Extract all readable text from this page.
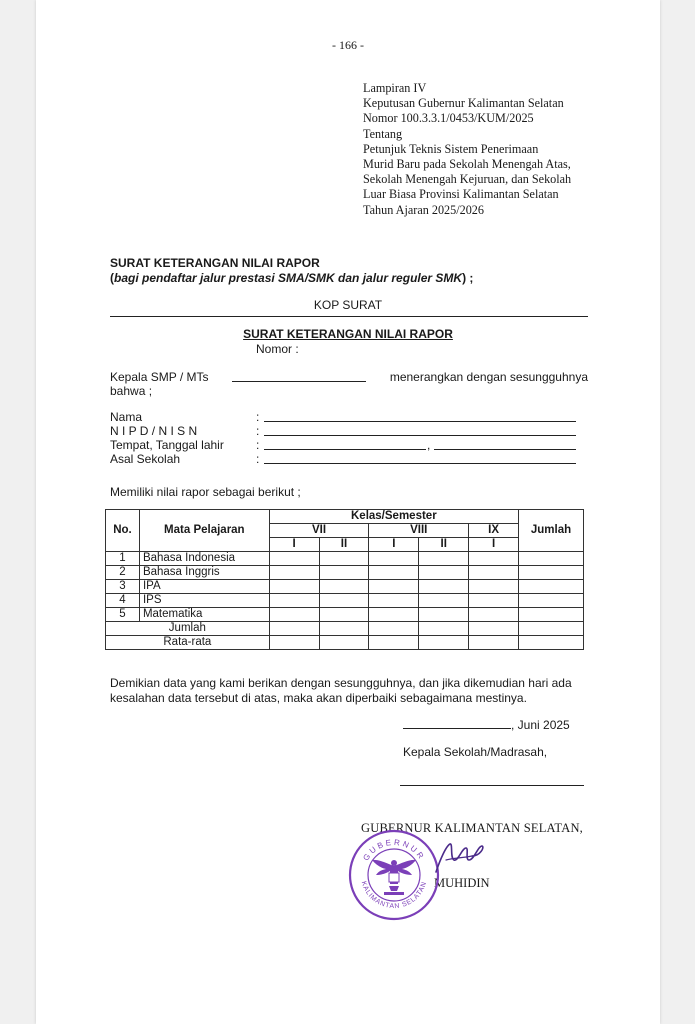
- 166 -
Lampiran IV
Keputusan Gubernur Kalimantan Selatan
Nomor 100.3.3.1/0453/KUM/2025
Tentang
Petunjuk Teknis Sistem Penerimaan
Murid Baru pada Sekolah Menengah Atas,
Sekolah Menengah Kejuruan, dan Sekolah
Luar Biasa Provinsi Kalimantan Selatan
Tahun Ajaran 2025/2026
SURAT KETERANGAN NILAI RAPOR
(bagi pendaftar jalur prestasi SMA/SMK dan jalur reguler SMK) ;
KOP SURAT
SURAT KETERANGAN NILAI RAPOR
Nomor :
Kepala SMP / MTs	menerangkan dengan sesungguhnya
bahwa ;
Nama	:
N I P D / N I S N	:
Tempat, Tanggal lahir	:	,
Asal Sekolah	:
Memiliki nilai rapor sebagai berikut ;
No.	Mata Pelajaran	Kelas/Semester					Jumlah
		VII		VIII		IX	
		I	II	I	II	I	
1	Bahasa Indonesia						
2	Bahasa Inggris						
3	IPA						
4	IPS						
5	Matematika						
Jumlah							
Rata-rata							
Demikian data yang kami berikan dengan sesungguhnya, dan jika dikemudian hari ada kesalahan data tersebut di atas, maka akan diperbaiki sebagaimana mestinya.
, Juni 2025
Kepala Sekolah/Madrasah,
GUBERNUR KALIMANTAN SELATAN,
MUHIDIN
GUBERNUR
KALIMANTAN SELATAN
